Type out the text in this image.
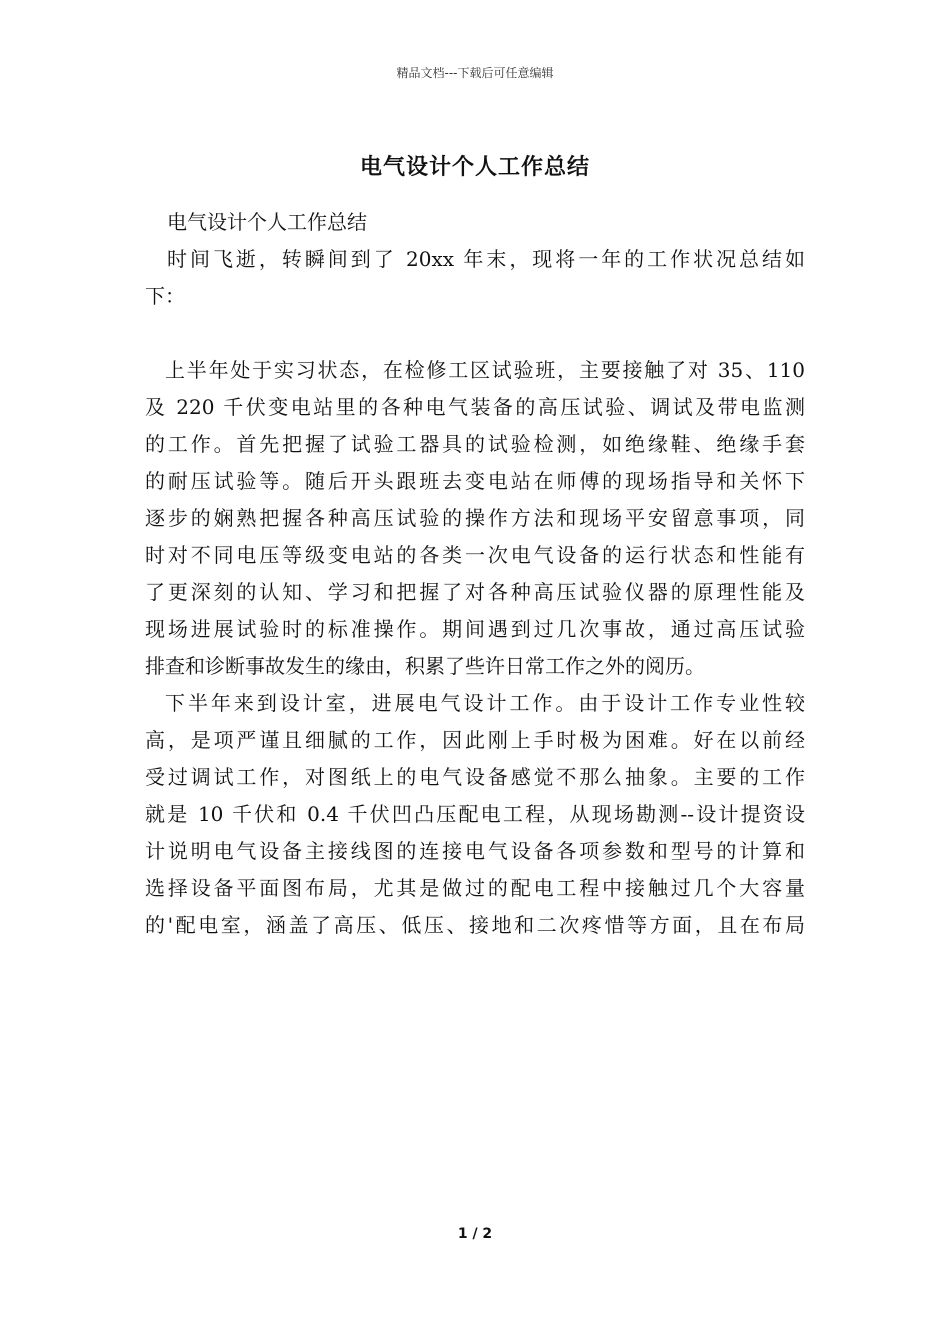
精品文档---下载后可任意编辑
电气设计个人工作总结
电气设计个人工作总结
时间飞逝，转瞬间到了 20xx 年末，现将一年的工作状况总结如
下：
上半年处于实习状态，在检修工区试验班，主要接触了对 35、110
及 220 千伏变电站里的各种电气装备的高压试验、调试及带电监测
的工作。首先把握了试验工器具的试验检测，如绝缘鞋、绝缘手套
的耐压试验等。随后开头跟班去变电站在师傅的现场指导和关怀下
逐步的娴熟把握各种高压试验的操作方法和现场平安留意事项，同
时对不同电压等级变电站的各类一次电气设备的运行状态和性能有
了更深刻的认知、学习和把握了对各种高压试验仪器的原理性能及
现场进展试验时的标准操作。期间遇到过几次事故，通过高压试验
排查和诊断事故发生的缘由，积累了些许日常工作之外的阅历。
下半年来到设计室，进展电气设计工作。由于设计工作专业性较
高，是项严谨且细腻的工作，因此刚上手时极为困难。好在以前经
受过调试工作，对图纸上的电气设备感觉不那么抽象。主要的工作
就是 10 千伏和 0.4 千伏凹凸压配电工程，从现场勘测--设计提资设
计说明电气设备主接线图的连接电气设备各项参数和型号的计算和
选择设备平面图布局，尤其是做过的配电工程中接触过几个大容量
的'配电室，涵盖了高压、低压、接地和二次疼惜等方面，且在布局
1 / 2
